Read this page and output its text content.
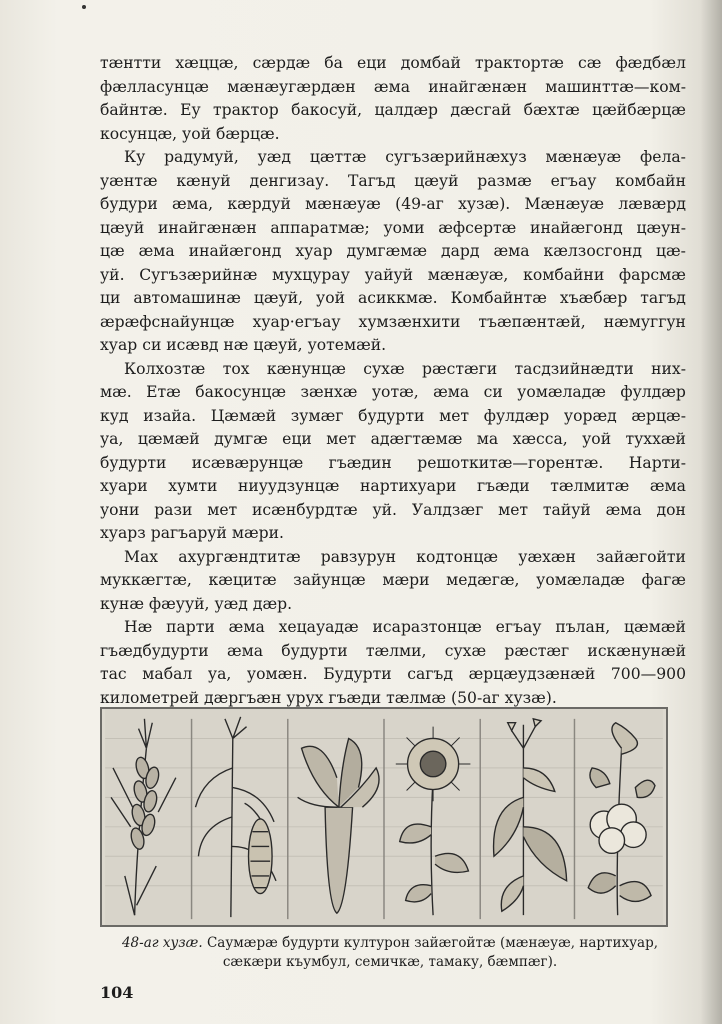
тæнтти хæццæ, сæрдæ ба еци домбай трактортæ сæ фæдбæл
фæлласунцæ мæнæугæрдæн æма инайгæнæн машинттæ—ком-
байнтæ. Еу трактор бакосуй, цалдæр дæсгай бæхтæ цæйбæрцæ
косунцæ, уой бæрцæ.
Ку радумуй, уæд цæттæ сугъзæрийнæхуз мæнæуæ фела-
уæнтæ кæнуй денгизау. Тагъд цæуй размæ егъау комбайн
будури æма, кæрдуй мæнæуæ (49-аг хузæ). Мæнæуæ лæвæрд
цæуй инайгæнæн аппаратмæ; уоми æфсертæ инайæгонд цæун-
цæ æма инайæгонд хуар думгæмæ дард æма кæлзосгонд цæ-
уй. Сугъзæрийнæ мухцурау уайуй мæнæуæ, комбайни фарсмæ
ци автомашинæ цæуй, уой асиккмæ. Комбайнтæ хъæбæр тагъд
æрæфснайунцæ хуар·егъау хумзæнхити тъæпæнтæй, нæмуггун
хуар си исæвд нæ цæуй, уотемæй.
Колхозтæ тох кæнунцæ сухæ рæстæги тасдзийнæдти них-
мæ. Етæ бакосунцæ зæнхæ уотæ, æма си уомæладæ фулдæр
куд изайа. Цæмæй зумæг будурти мет фулдæр уорæд æрцæ-
уа, цæмæй думгæ еци мет адæгтæмæ ма хæсса, уой тухxæй
будурти исæвæрунцæ гъæдин решоткитæ—горентæ. Нарти-
хуари хумти ниуудзунцæ нартихуари гъæди тæлмитæ æма
уони рази мет исæнбурдтæ уй. Уалдзæг мет тайуй æма дон
хуарз рагъаруй мæри.
Мах ахургæндтитæ равзурун кодтонцæ уæхæн зайæгойти
муккæгтæ, кæцитæ зайунцæ мæри медæгæ, уомæладæ фагæ
кунæ фæууй, уæд дæр.
Нæ парти æма хецауадæ исаразтонцæ егъау пълан, цæмæй
гъæдбудурти æма будурти тæлми, сухæ рæстæг искæнунæй
тас мабал уа, уомæн. Будурти сагъд æрцæудзæнæй 700—900
километрей дæргъæн урух гъæди тæлмæ (50-аг хузæ).
48-аг хузæ. Саумæрæ будурти културон зайæгойтæ (мæнæуæ, нартихуар, сæкæри къумбул, семичкæ, тамаку, бæмпæг).
104
